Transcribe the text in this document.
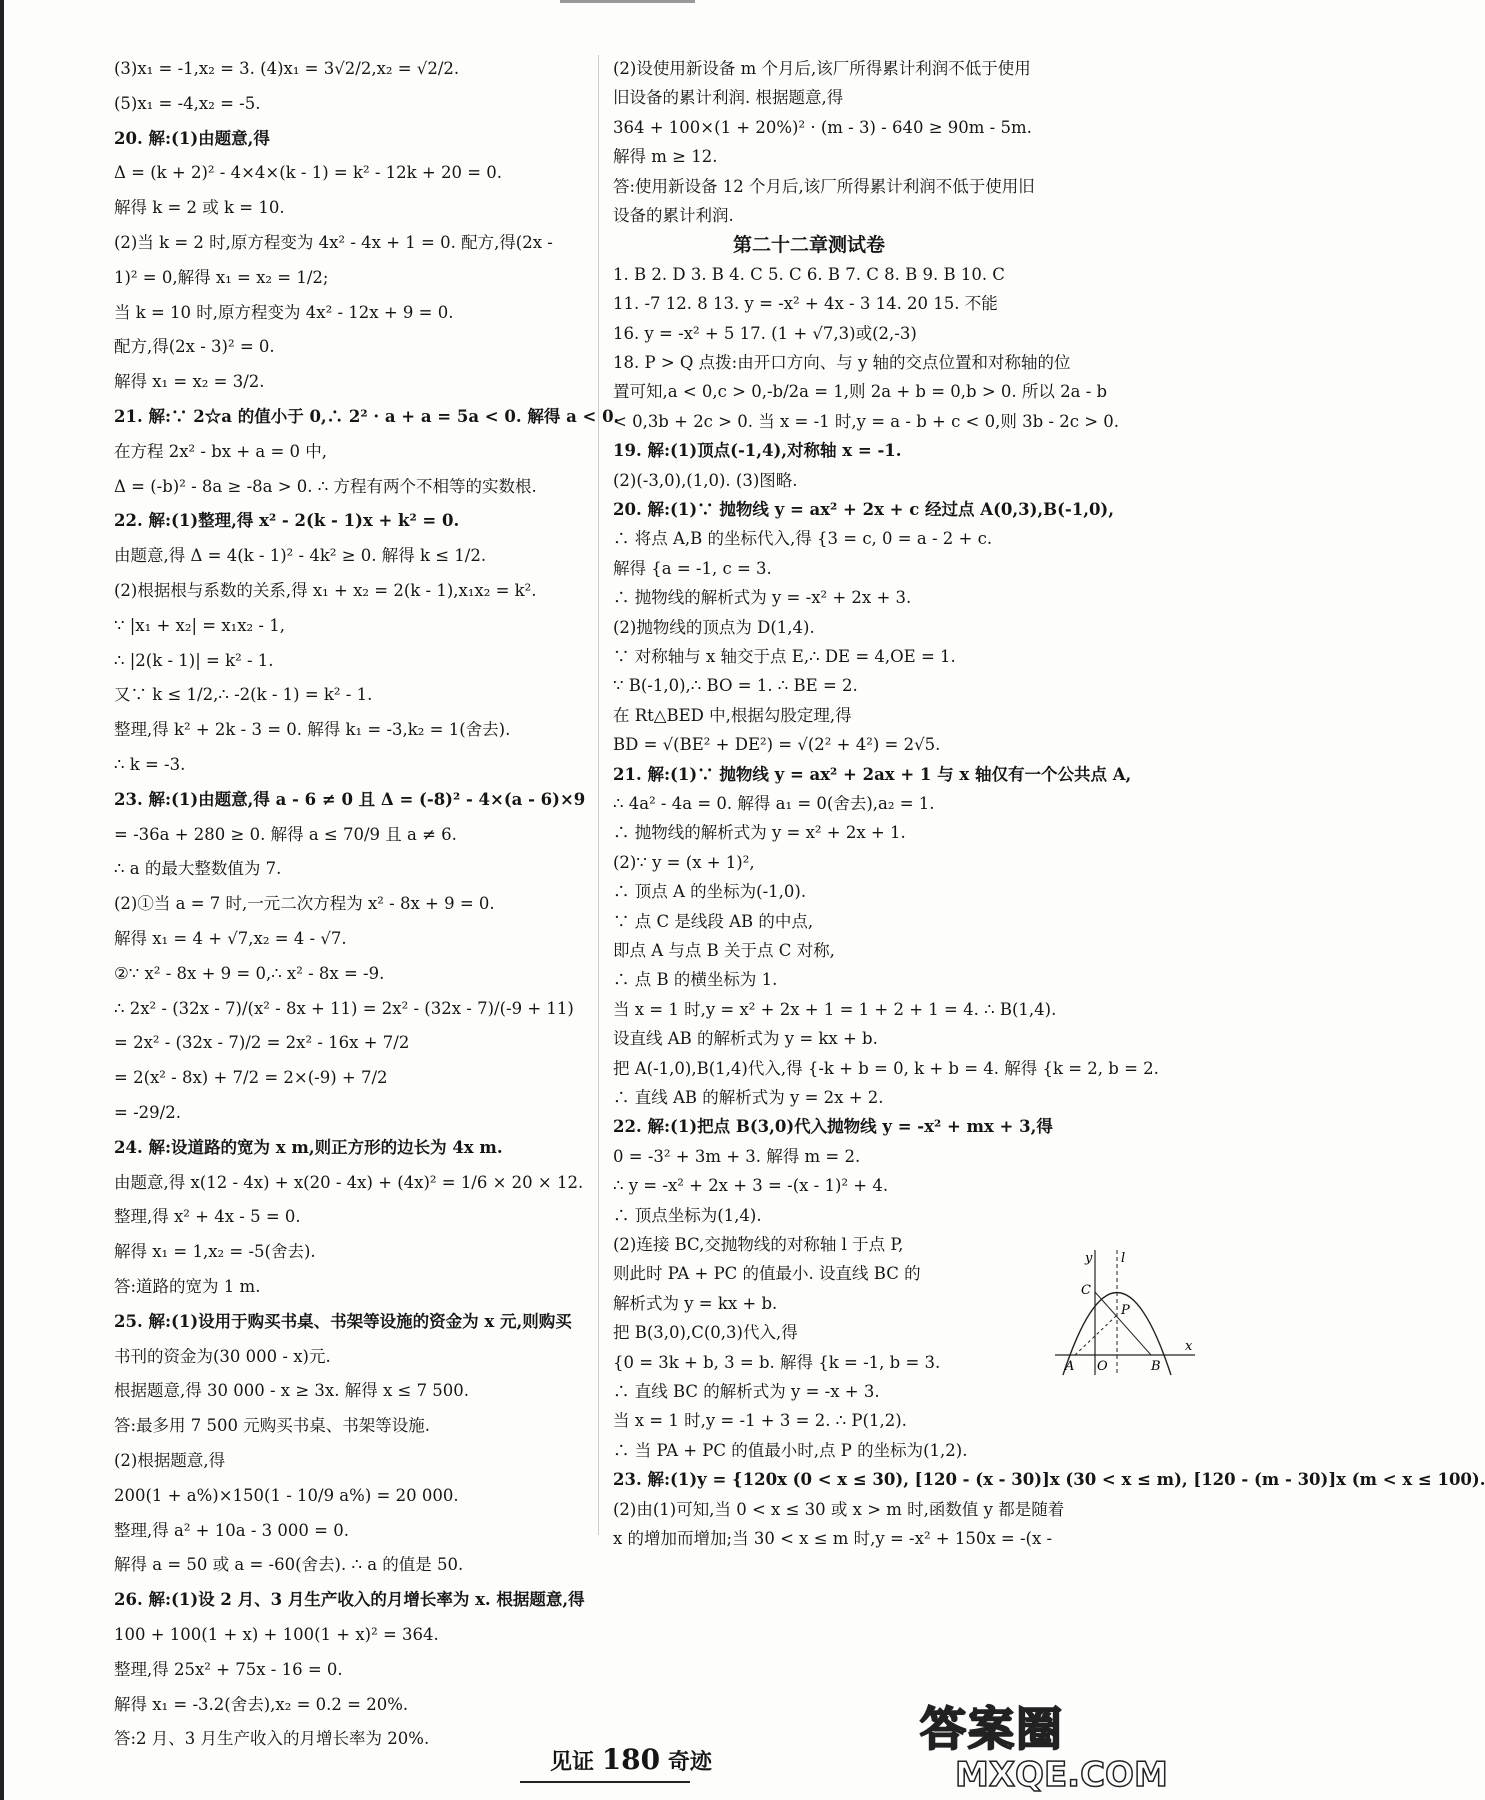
(3)x₁ = -1,x₂ = 3. (4)x₁ = 3√2/2,x₂ = √2/2.
(5)x₁ = -4,x₂ = -5.
20. 解:(1)由题意,得
Δ = (k + 2)² - 4×4×(k - 1) = k² - 12k + 20 = 0.
解得 k = 2 或 k = 10.
(2)当 k = 2 时,原方程变为 4x² - 4x + 1 = 0. 配方,得(2x -
1)² = 0,解得 x₁ = x₂ = 1/2;
当 k = 10 时,原方程变为 4x² - 12x + 9 = 0.
配方,得(2x - 3)² = 0.
解得 x₁ = x₂ = 3/2.
21. 解:∵ 2☆a 的值小于 0,∴ 2² · a + a = 5a < 0. 解得 a < 0.
在方程 2x² - bx + a = 0 中,
Δ = (-b)² - 8a ≥ -8a > 0. ∴ 方程有两个不相等的实数根.
22. 解:(1)整理,得 x² - 2(k - 1)x + k² = 0.
由题意,得 Δ = 4(k - 1)² - 4k² ≥ 0. 解得 k ≤ 1/2.
(2)根据根与系数的关系,得 x₁ + x₂ = 2(k - 1),x₁x₂ = k².
∵ |x₁ + x₂| = x₁x₂ - 1,
∴ |2(k - 1)| = k² - 1.
又∵ k ≤ 1/2,∴ -2(k - 1) = k² - 1.
整理,得 k² + 2k - 3 = 0. 解得 k₁ = -3,k₂ = 1(舍去).
∴ k = -3.
23. 解:(1)由题意,得 a - 6 ≠ 0 且 Δ = (-8)² - 4×(a - 6)×9
= -36a + 280 ≥ 0. 解得 a ≤ 70/9 且 a ≠ 6.
∴ a 的最大整数值为 7.
(2)①当 a = 7 时,一元二次方程为 x² - 8x + 9 = 0.
解得 x₁ = 4 + √7,x₂ = 4 - √7.
②∵ x² - 8x + 9 = 0,∴ x² - 8x = -9.
∴ 2x² - (32x - 7)/(x² - 8x + 11) = 2x² - (32x - 7)/(-9 + 11)
= 2x² - (32x - 7)/2 = 2x² - 16x + 7/2
= 2(x² - 8x) + 7/2 = 2×(-9) + 7/2
= -29/2.
24. 解:设道路的宽为 x m,则正方形的边长为 4x m.
由题意,得 x(12 - 4x) + x(20 - 4x) + (4x)² = 1/6 × 20 × 12.
整理,得 x² + 4x - 5 = 0.
解得 x₁ = 1,x₂ = -5(舍去).
答:道路的宽为 1 m.
25. 解:(1)设用于购买书桌、书架等设施的资金为 x 元,则购买
书刊的资金为(30 000 - x)元.
根据题意,得 30 000 - x ≥ 3x. 解得 x ≤ 7 500.
答:最多用 7 500 元购买书桌、书架等设施.
(2)根据题意,得
200(1 + a%)×150(1 - 10/9 a%) = 20 000.
整理,得 a² + 10a - 3 000 = 0.
解得 a = 50 或 a = -60(舍去). ∴ a 的值是 50.
26. 解:(1)设 2 月、3 月生产收入的月增长率为 x. 根据题意,得
100 + 100(1 + x) + 100(1 + x)² = 364.
整理,得 25x² + 75x - 16 = 0.
解得 x₁ = -3.2(舍去),x₂ = 0.2 = 20%.
答:2 月、3 月生产收入的月增长率为 20%.
(2)设使用新设备 m 个月后,该厂所得累计利润不低于使用
旧设备的累计利润. 根据题意,得
364 + 100×(1 + 20%)² · (m - 3) - 640 ≥ 90m - 5m.
解得 m ≥ 12.
答:使用新设备 12 个月后,该厂所得累计利润不低于使用旧
设备的累计利润.
第二十二章测试卷
1. B 2. D 3. B 4. C 5. C 6. B 7. C 8. B 9. B 10. C
11. -7 12. 8 13. y = -x² + 4x - 3 14. 20 15. 不能
16. y = -x² + 5 17. (1 + √7,3)或(2,-3)
18. P > Q 点拨:由开口方向、与 y 轴的交点位置和对称轴的位
置可知,a < 0,c > 0,-b/2a = 1,则 2a + b = 0,b > 0. 所以 2a - b
< 0,3b + 2c > 0. 当 x = -1 时,y = a - b + c < 0,则 3b - 2c > 0.
19. 解:(1)顶点(-1,4),对称轴 x = -1.
(2)(-3,0),(1,0). (3)图略.
20. 解:(1)∵ 抛物线 y = ax² + 2x + c 经过点 A(0,3),B(-1,0),
∴ 将点 A,B 的坐标代入,得 {3 = c, 0 = a - 2 + c.
解得 {a = -1, c = 3.
∴ 抛物线的解析式为 y = -x² + 2x + 3.
(2)抛物线的顶点为 D(1,4).
∵ 对称轴与 x 轴交于点 E,∴ DE = 4,OE = 1.
∵ B(-1,0),∴ BO = 1. ∴ BE = 2.
在 Rt△BED 中,根据勾股定理,得
BD = √(BE² + DE²) = √(2² + 4²) = 2√5.
21. 解:(1)∵ 抛物线 y = ax² + 2ax + 1 与 x 轴仅有一个公共点 A,
∴ 4a² - 4a = 0. 解得 a₁ = 0(舍去),a₂ = 1.
∴ 抛物线的解析式为 y = x² + 2x + 1.
(2)∵ y = (x + 1)²,
∴ 顶点 A 的坐标为(-1,0).
∵ 点 C 是线段 AB 的中点,
即点 A 与点 B 关于点 C 对称,
∴ 点 B 的横坐标为 1.
当 x = 1 时,y = x² + 2x + 1 = 1 + 2 + 1 = 4. ∴ B(1,4).
设直线 AB 的解析式为 y = kx + b.
把 A(-1,0),B(1,4)代入,得 {-k + b = 0, k + b = 4. 解得 {k = 2, b = 2.
∴ 直线 AB 的解析式为 y = 2x + 2.
22. 解:(1)把点 B(3,0)代入抛物线 y = -x² + mx + 3,得
0 = -3² + 3m + 3. 解得 m = 2.
∴ y = -x² + 2x + 3 = -(x - 1)² + 4.
∴ 顶点坐标为(1,4).
(2)连接 BC,交抛物线的对称轴 l 于点 P,
则此时 PA + PC 的值最小. 设直线 BC 的
解析式为 y = kx + b.
把 B(3,0),C(0,3)代入,得
{0 = 3k + b, 3 = b. 解得 {k = -1, b = 3.
∴ 直线 BC 的解析式为 y = -x + 3.
当 x = 1 时,y = -1 + 3 = 2. ∴ P(1,2).
∴ 当 PA + PC 的值最小时,点 P 的坐标为(1,2).
23. 解:(1)y = {120x (0 < x ≤ 30), [120 - (x - 30)]x (30 < x ≤ m), [120 - (m - 30)]x (m < x ≤ 100).
(2)由(1)可知,当 0 < x ≤ 30 或 x > m 时,函数值 y 都是随着
x 的增加而增加;当 30 < x ≤ m 时,y = -x² + 150x = -(x -
y l
C
P
A O	B
x
见证 180 奇迹
答案圈
MXQE.COM
